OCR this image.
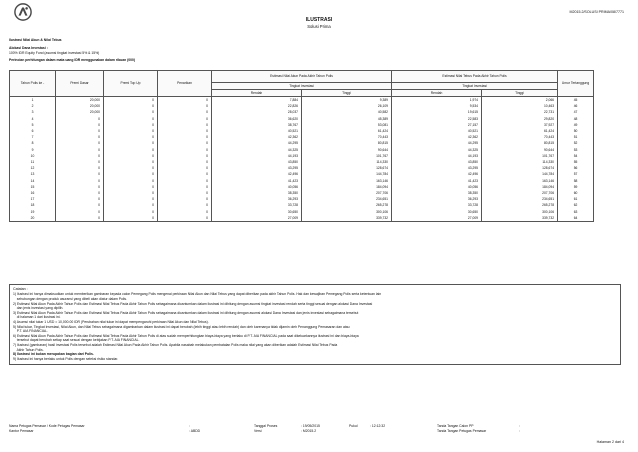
M2015.2/SOLUSI PRIMA/08/7771
ILUSTRASI
Solusi Prima
Ilustrasi Nilai Akun & Nilai Tebus
Alokasi Dana Investasi :
100% IDR Equity Fund (asumsi tingkat investasi 5% & 15%)
Perincian perhitungan dalam mata uang IDR menggunakan dalam ribuan (000)
Tahun Polis ke -	Premi Dasar	Premi Top Up	Penarikan	Estimasi Nilai Akun Pada Akhir Tahun Polis		Estimasi Nilai Tebus Pada Akhir Tahun Polis		Umur Tertanggung
				Tingkat Investasi		Tingkat Investasi		
				Rendah	Tinggi	Rendah	Tinggi	
1	20,000	0	0	7,884	9,389	1,974	2,066	45
2	20,000	0	0	22,826	26,109	9,534	10,463	46
3	20,000	0	0	28,037	40,582	19,615	22,731	47
4	0	0	0	36,620	45,389	22,583	29,820	48
5	0	0	0	38,767	53,081	27,157	37,927	49
6	0	0	0	40,521	61,424	40,521	61,424	50
7	0	0	0	42,362	70,443	42,362	70,443	51
8	0	0	0	44,295	80,815	44,295	80,815	52
9	0	0	0	44,325	90,644	44,325	90,644	53
10	0	0	0	44,193	101,767	44,193	101,767	54
11	0	0	0	43,850	114,330	43,850	114,330	55
12	0	0	0	43,295	128,674	43,295	128,674	56
13	0	0	0	42,496	144,784	42,496	144,784	57
14	0	0	0	41,423	163,146	41,423	163,146	58
15	0	0	0	40,056	184,094	40,056	184,094	59
16	0	0	0	38,350	207,706	38,350	207,706	60
17	0	0	0	36,293	234,651	36,293	234,651	61
18	0	0	0	33,728	265,278	33,728	265,278	62
19	0	0	0	30,650	300,106	30,650	300,106	63
20	0	0	0	27,009	339,732	27,009	339,732	64
Catatan :

1) Ilustrasi ini hanya dimaksudkan untuk memberikan gambaran kepada calon Pemegang Polis mengenai perkiraan Nilai Akun dan Nilai Tebus yang dapat diberikan pada akhir Tahun Polis. Hak dan kewajiban Pemegang Polis serta ketentuan lain

sehubungan dengan produk asuransi yang dibeli akan diatur dalam Polis.

2) Estimasi Nilai Akun Pada Akhir Tahun Polis dan Estimasi Nilai Tebus Pada Akhir Tahun Polis sebagaimana dicantumkan dalam ilustrasi ini dihitung dengan asumsi tingkat investasi rendah serta tinggi sesuai dengan alokasi Dana Investasi

dan jenis investasi yang dipilih.

3) Estimasi Nilai Akun Pada Akhir Tahun Polis dan Estimasi Nilai Tebus Pada Akhir Tahun Polis sebagaimana dicantumkan dalam ilustrasi ini dihitung dengan asumsi alokasi Dana Investasi dan jenis investasi sebagaimana tersebut

di halaman 1 dari ilustrasi ini.

4) Asumsi nilai tukar 1 USD = 10,000.00 IDR (Perubahan nilai tukar ini dapat mempengaruhi perkiraan Nilai Akun dan Nilai Tebus).

5) Nilai tukar, Tingkat Investasi, Nilai Akun, dan Nilai Tebus sebagaimana digambarkan dalam ilustrasi ini dapat berubah (lebih tinggi atau lebih rendah) dan oleh karenanya tidak dijamin oleh Penanggung Pemasaran dan atau

P.T. AIA FINANCIAL.

6) Estimasi Nilai Akun Pada Akhir Tahun Polis dan Estimasi Nilai Tebus Pada Akhir Tahun Polis di atas sudah memperhitungkan biaya-biaya yang berlaku di P.T. AIA FINANCIAL pada saat dikeluarkannya ilustrasi ini dan biaya-biaya

tersebut dapat berubah setiap saat sesuai dengan kebijakan P.T. AIA FINANCIAL.

7) Ilustrasi (gambaran) hasil investasi Polis tersebut adalah Estimasi Nilai Akun Pada Akhir Tahun Polis. Apabila nasabah melakukan pembatalan Polis maka nilai yang akan diberikan adalah Estimasi Nilai Tebus Pada

Akhir Tahun Polis.

8) Ilustrasi ini bukan merupakan bagian dari Polis.

9) Ilustrasi ini hanya berlaku untuk Polis dengan seleksi risiko standar.

Nama Petugas Pemasar / Kode Petugas Pemasar	:
Kantor Pemasar	: ABDD
Tanggal Proses	: 19/05/2015	Pukul	: 12:12:32
Versi	: M2015.2
Tanda Tangan Calon PP	:
Tanda Tangan Petugas Pemasar	:
Halaman 2 dari 4
